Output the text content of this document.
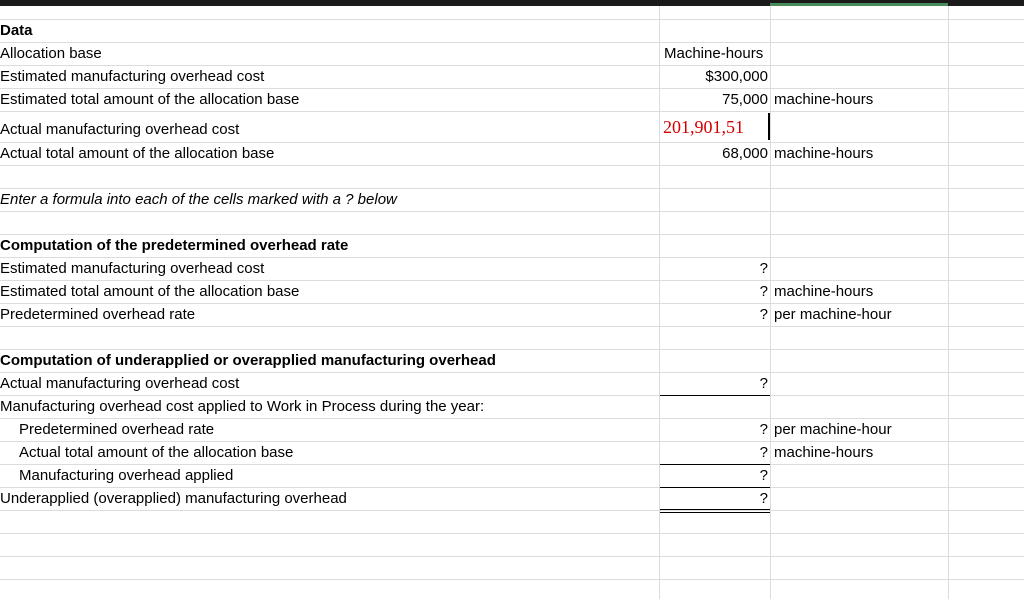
Data
Allocation base	Machine-hours
Estimated manufacturing overhead cost	$300,000
Estimated total amount of the allocation base	75,000 machine-hours
Actual manufacturing overhead cost	201,901,51
Actual total amount of the allocation base	68,000 machine-hours
Enter a formula into each of the cells marked with a ? below
Computation of the predetermined overhead rate
Estimated manufacturing overhead cost	?
Estimated total amount of the allocation base	? machine-hours
Predetermined overhead rate	? per machine-hour
Computation of underapplied or overapplied manufacturing overhead
Actual manufacturing overhead cost	?
Manufacturing overhead cost applied to Work in Process during the year:
Predetermined overhead rate	? per machine-hour
Actual total amount of the allocation base	? machine-hours
Manufacturing overhead applied	?
Underapplied (overapplied) manufacturing overhead	?
